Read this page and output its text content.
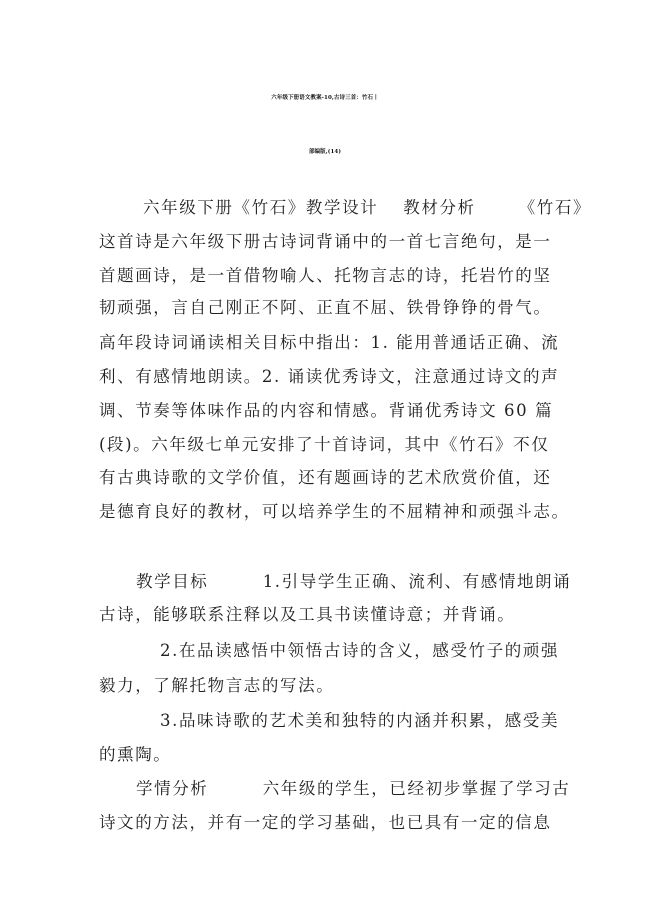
六年级下册语文教案-10,古诗三首：竹石丨
部编版,(14)
六年级下册《竹石》教学设计　 教材分析　　 《竹石》
这首诗是六年级下册古诗词背诵中的一首七言绝句，是一
首题画诗，是一首借物喻人、托物言志的诗，托岩竹的坚
韧顽强，言自己刚正不阿、正直不屈、铁骨铮铮的骨气。
高年段诗词诵读相关目标中指出：1. 能用普通话正确、流
利、有感情地朗读。2. 诵读优秀诗文，注意通过诗文的声
调、节奏等体味作品的内容和情感。背诵优秀诗文 60 篇
(段)。六年级七单元安排了十首诗词，其中《竹石》不仅
有古典诗歌的文学价值，还有题画诗的艺术欣赏价值，还
是德育良好的教材，可以培养学生的不屈精神和顽强斗志。
教学目标　　　1.引导学生正确、流利、有感情地朗诵
古诗，能够联系注释以及工具书读懂诗意；并背诵。
2.在品读感悟中领悟古诗的含义，感受竹子的顽强
毅力，了解托物言志的写法。
3.品味诗歌的艺术美和独特的内涵并积累，感受美
的熏陶。
学情分析　　　六年级的学生，已经初步掌握了学习古
诗文的方法，并有一定的学习基础，也已具有一定的信息
